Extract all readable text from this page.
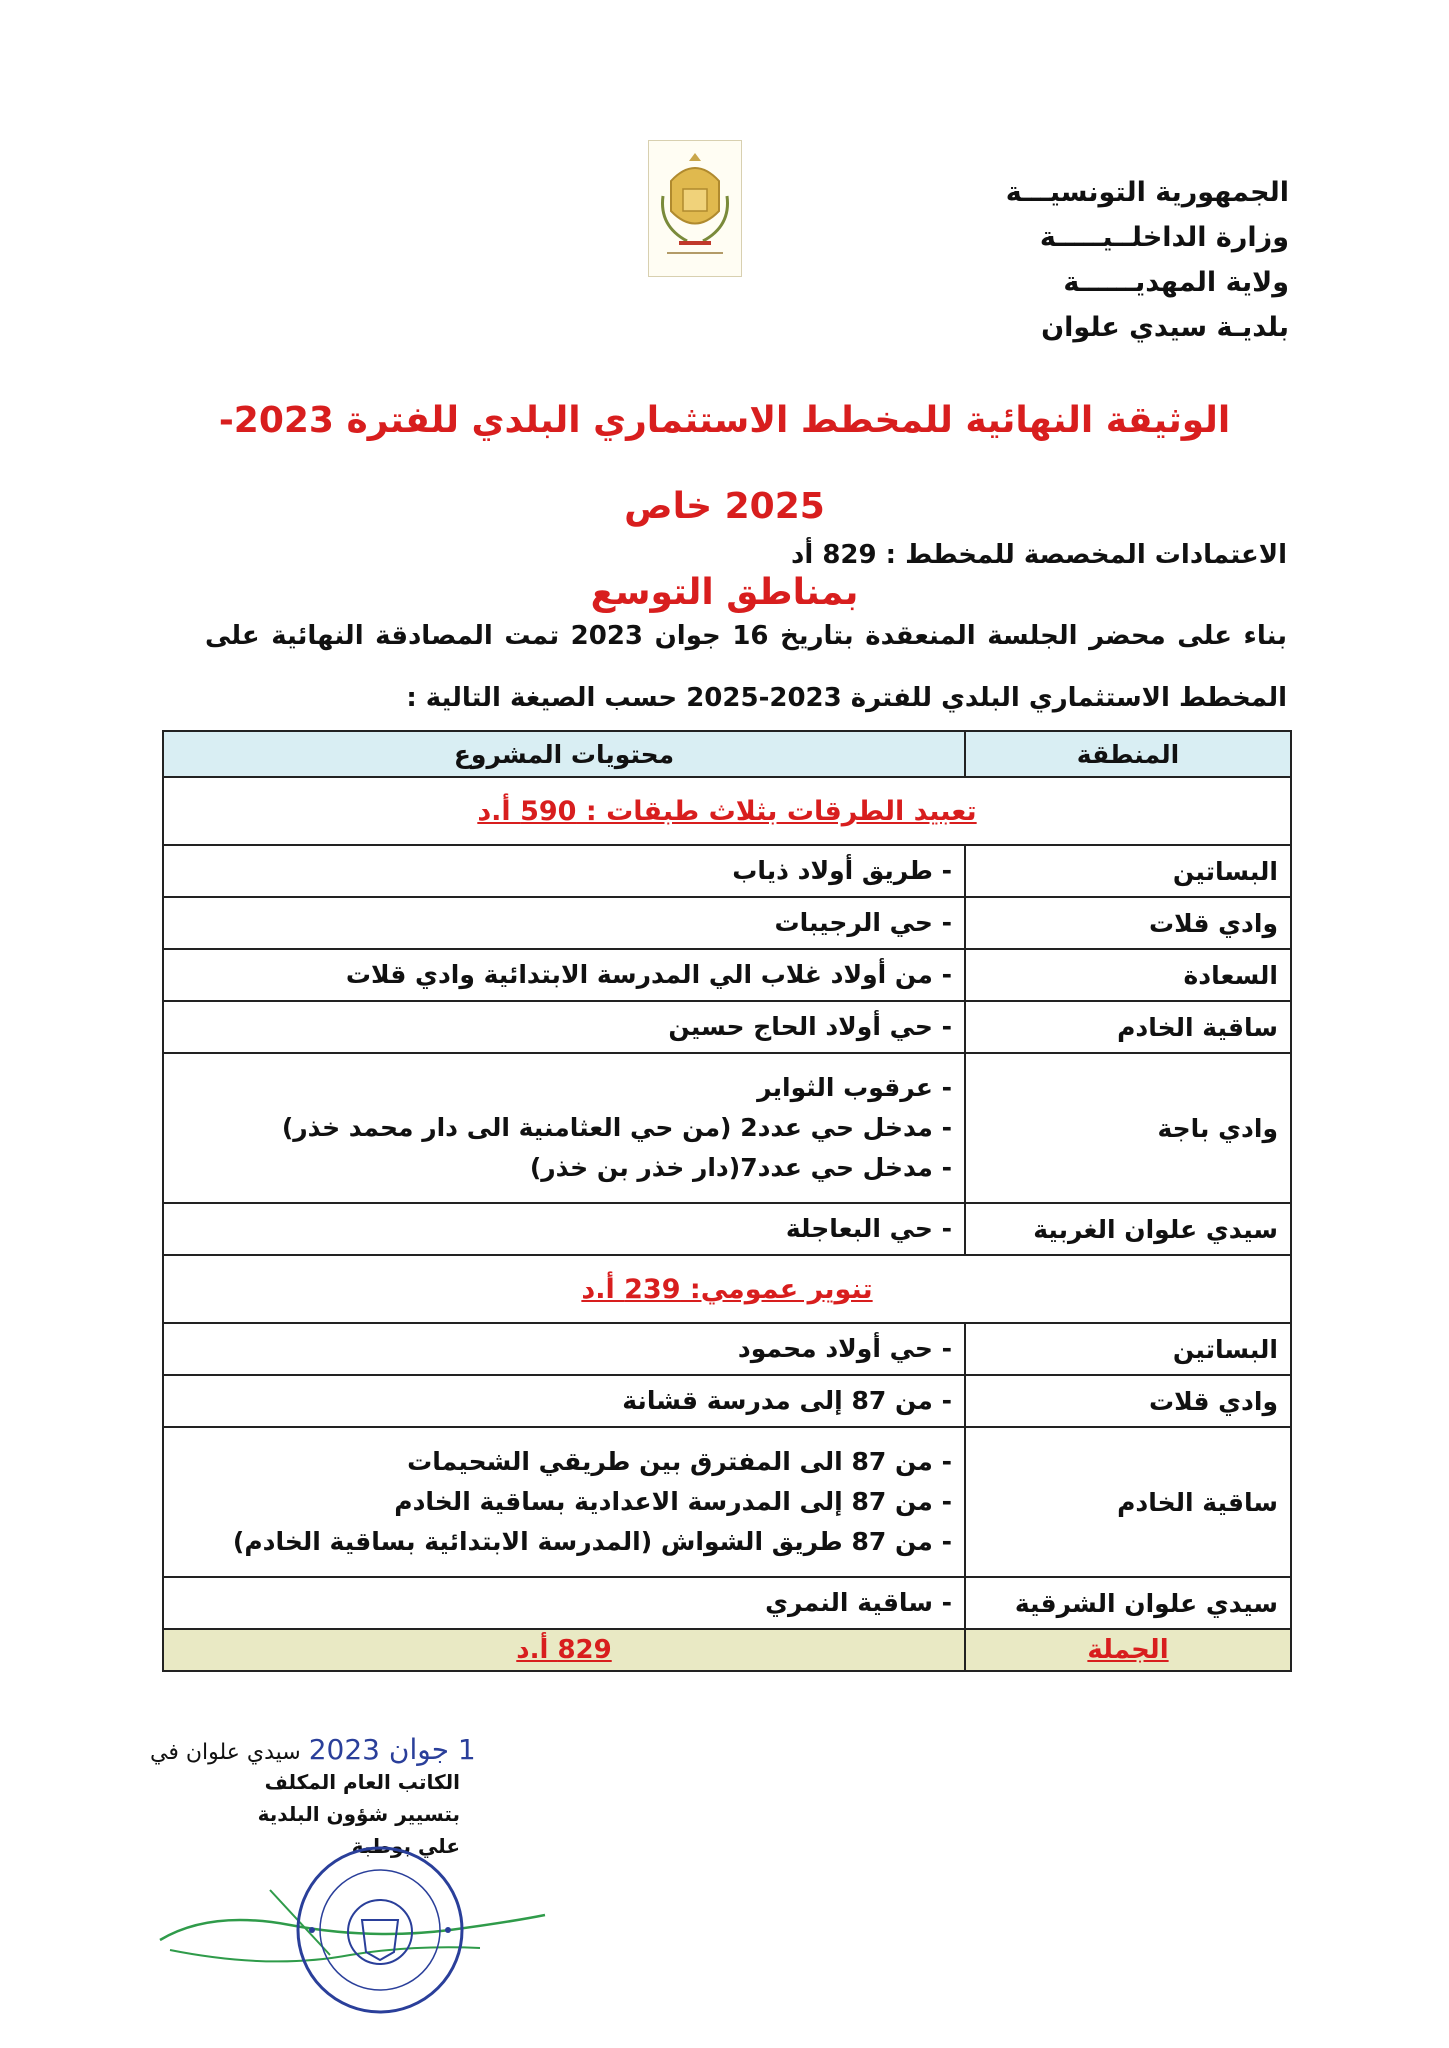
الجمهورية التونسيـــة
وزارة الداخلــيـــــة
ولاية المهديــــــة
بلديـة سيدي علوان
الوثيقة النهائية للمخطط الاستثماري البلدي للفترة 2023-2025 خاص
بمناطق التوسع
الاعتمادات المخصصة للمخطط : 829 أد
بناء على محضر الجلسة المنعقدة بتاريخ 16 جوان 2023 تمت المصادقة النهائية على المخطط الاستثماري البلدي للفترة 2023-2025 حسب الصيغة التالية :
المنطقة	محتويات المشروع
تعبيد الطرقات بثلاث طبقات : 590 أ.د	
البساتين	- طريق أولاد ذياب

وادي قلات	- حي الرجيبات

السعادة	- من أولاد غلاب الي المدرسة الابتدائية وادي قلات

ساقية الخادم	- حي أولاد الحاج حسين

وادي باجة	- عرقوب الثواير
- مدخل حي عدد2 (من حي العثامنية الى دار محمد خذر)
- مدخل حي عدد7(دار خذر بن خذر)

سيدي علوان الغربية	- حي البعاجلة

تنوير عمومي: 239 أ.د	
البساتين	- حي أولاد محمود

وادي قلات	- من 87 إلى مدرسة قشانة

ساقية الخادم	- من 87 الى المفترق بين طريقي الشحيمات
- من 87 إلى المدرسة الاعدادية بساقية الخادم
- من 87 طريق الشواش (المدرسة الابتدائية بساقية الخادم)

سيدي علوان الشرقية	- ساقية النمري

الجملة	829 أ.د
1 جوان 2023
سيدي علوان في
الكاتب العام المكلف
بتسيير شؤون البلدية
علي بوطبة
